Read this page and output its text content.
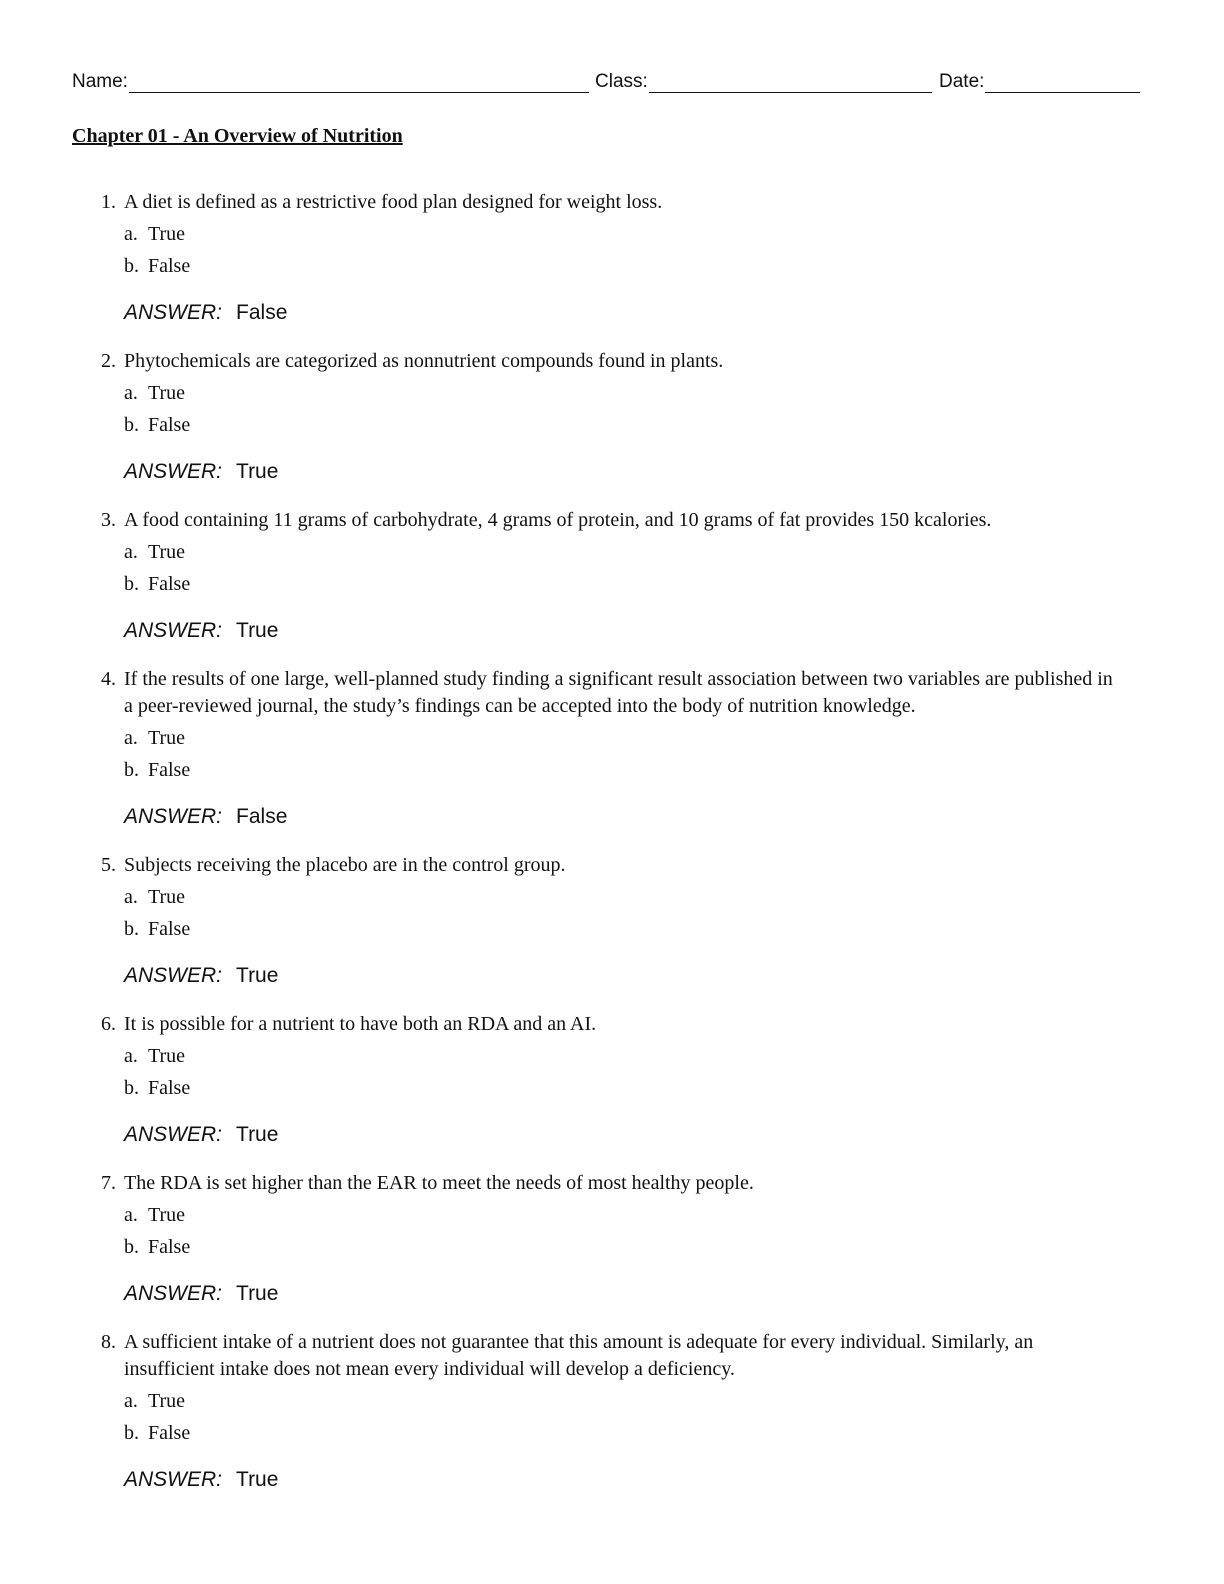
Name:	Class:	Date:
Chapter 01 - An Overview of Nutrition
1. A diet is defined as a restrictive food plan designed for weight loss.
a. True
b. False
ANSWER: False
2. Phytochemicals are categorized as nonnutrient compounds found in plants.
a. True
b. False
ANSWER: True
3. A food containing 11 grams of carbohydrate, 4 grams of protein, and 10 grams of fat provides 150 kcalories.
a. True
b. False
ANSWER: True
4. If the results of one large, well-planned study finding a significant result association between two variables are published in a peer-reviewed journal, the study’s findings can be accepted into the body of nutrition knowledge.
a. True
b. False
ANSWER: False
5. Subjects receiving the placebo are in the control group.
a. True
b. False
ANSWER: True
6. It is possible for a nutrient to have both an RDA and an AI.
a. True
b. False
ANSWER: True
7. The RDA is set higher than the EAR to meet the needs of most healthy people.
a. True
b. False
ANSWER: True
8. A sufficient intake of a nutrient does not guarantee that this amount is adequate for every individual. Similarly, an insufficient intake does not mean every individual will develop a deficiency.
a. True
b. False
ANSWER: True
